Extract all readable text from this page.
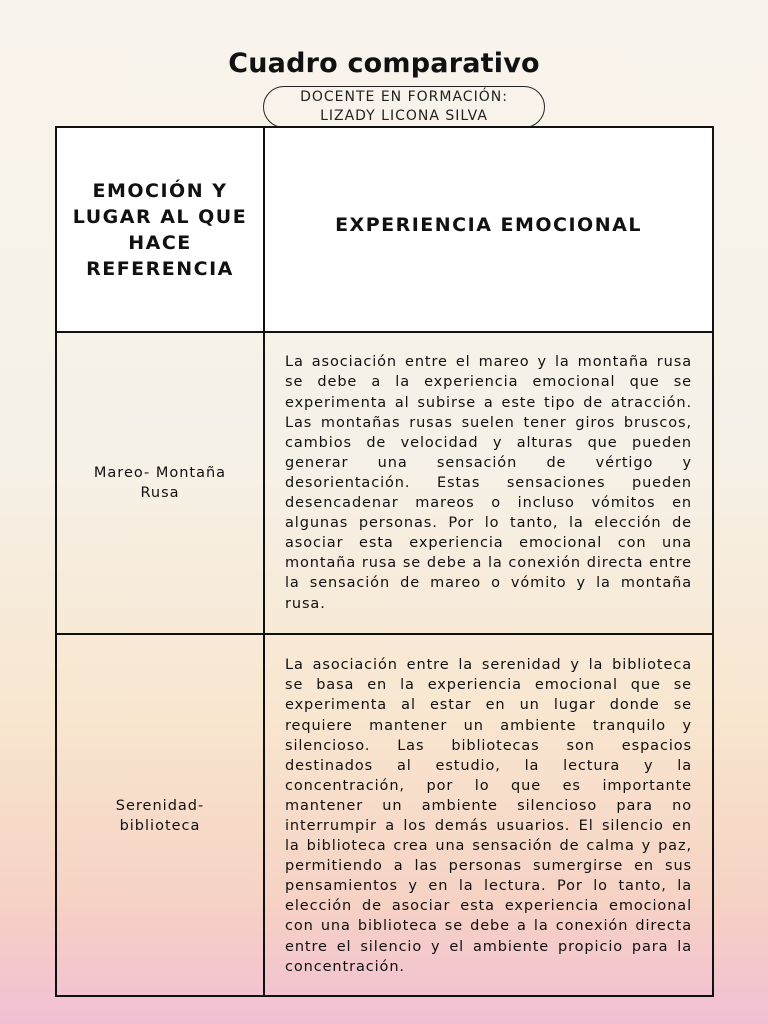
Cuadro comparativo
DOCENTE EN FORMACIÓN:
LIZADY LICONA SILVA
EMOCIÓN Y LUGAR AL QUE HACE REFERENCIA
EXPERIENCIA EMOCIONAL
Mareo- Montaña
Rusa
La asociación entre el mareo y la montaña rusa se debe a la experiencia emocional que se experimenta al subirse a este tipo de atracción. Las montañas rusas suelen tener giros bruscos, cambios de velocidad y alturas que pueden generar una sensación de vértigo y desorientación. Estas sensaciones pueden desencadenar mareos o incluso vómitos en algunas personas. Por lo tanto, la elección de asociar esta experiencia emocional con una montaña rusa se debe a la conexión directa entre la sensación de mareo o vómito y la montaña rusa.
Serenidad-
biblioteca
La asociación entre la serenidad y la biblioteca se basa en la experiencia emocional que se experimenta al estar en un lugar donde se requiere mantener un ambiente tranquilo y silencioso. Las bibliotecas son espacios destinados al estudio, la lectura y la concentración, por lo que es importante mantener un ambiente silencioso para no interrumpir a los demás usuarios. El silencio en la biblioteca crea una sensación de calma y paz, permitiendo a las personas sumergirse en sus pensamientos y en la lectura. Por lo tanto, la elección de asociar esta experiencia emocional con una biblioteca se debe a la conexión directa entre el silencio y el ambiente propicio para la concentración.
